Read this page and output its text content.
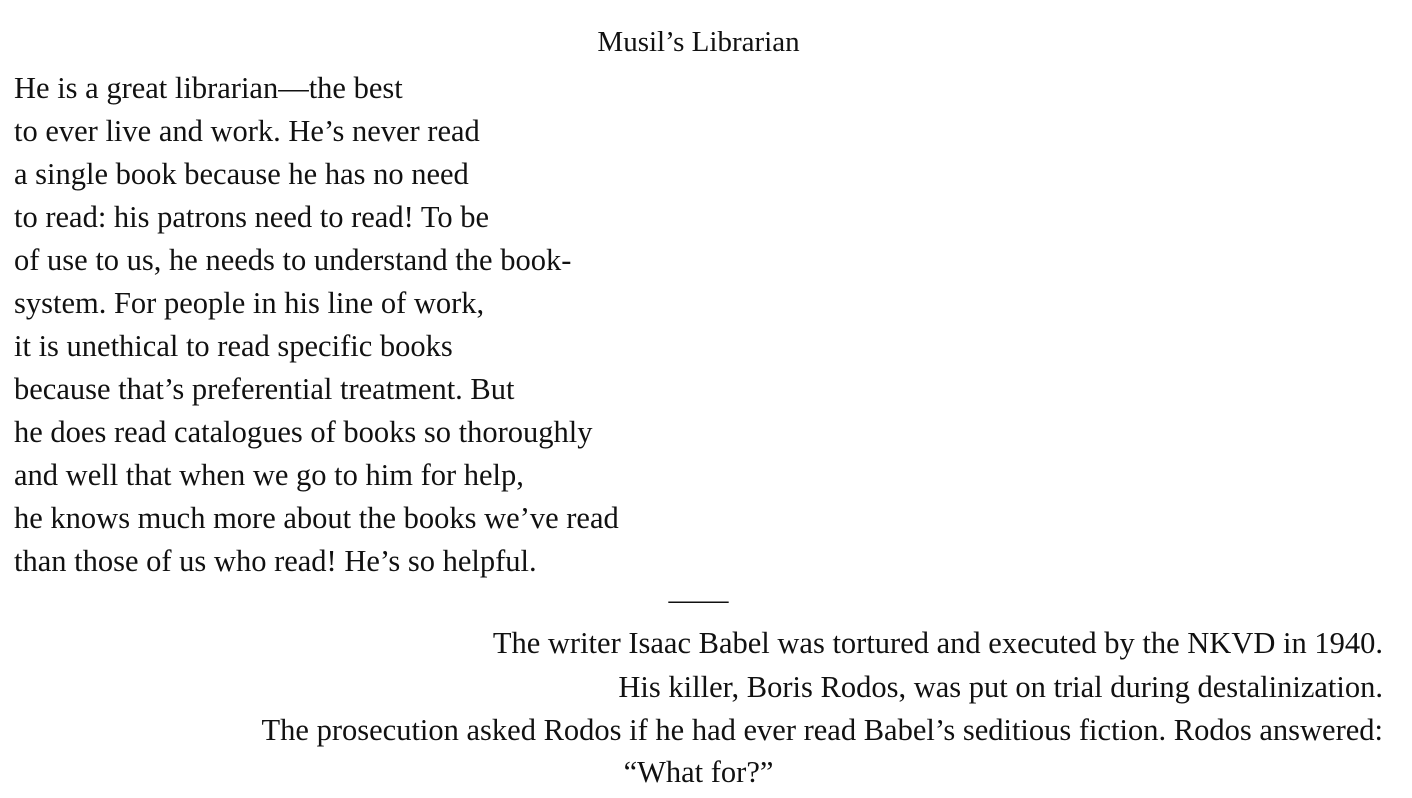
Musil’s Librarian
He is a great librarian—the best
to ever live and work. He’s never read
a single book because he has no need
to read: his patrons need to read! To be
of use to us, he needs to understand the book-
system. For people in his line of work,
it is unethical to read specific books
because that’s preferential treatment. But
he does read catalogues of books so thoroughly
and well that when we go to him for help,
he knows much more about the books we’ve read
than those of us who read! He’s so helpful.
——
The writer Isaac Babel was tortured and executed by the NKVD in 1940.
His killer, Boris Rodos, was put on trial during destalinization.
The prosecution asked Rodos if he had ever read Babel’s seditious fiction. Rodos answered:
“What for?”
